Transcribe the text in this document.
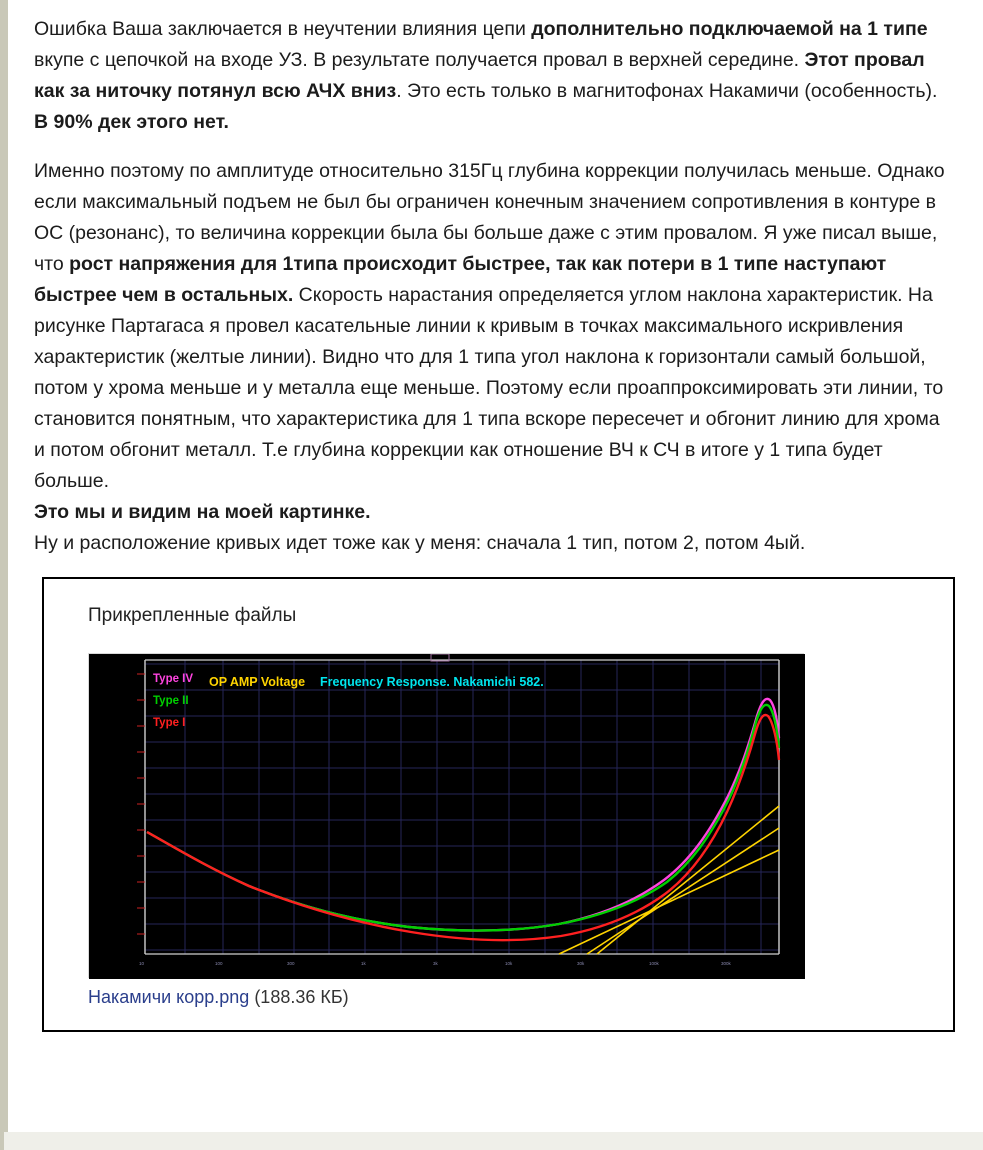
Ошибка Ваша заключается в неучтении влияния цепи дополнительно подключаемой на 1 типе вкупе с цепочкой на входе УЗ. В результате получается провал в верхней середине. Этот провал как за ниточку потянул всю АЧХ вниз. Это есть только в магнитофонах Накамичи (особенность). В 90% дек этого нет.

Именно поэтому по амплитуде относительно 315Гц глубина коррекции получилась меньше. Однако если максимальный подъем не был бы ограничен конечным значением сопротивления в контуре в ОС (резонанс), то величина коррекции была бы больше даже с этим провалом. Я уже писал выше, что рост напряжения для 1типа происходит быстрее, так как потери в 1 типе наступают быстрее чем в остальных. Скорость нарастания определяется углом наклона характеристик. На рисунке Партагаса я провел касательные линии к кривым в точках максимального искривления характеристик (желтые линии). Видно что для 1 типа угол наклона к горизонтали самый большой, потом у хрома меньше и у металла еще меньше. Поэтому если проаппроксимировать эти линии, то становится понятным, что характеристика для 1 типа вскоре пересечет и обгонит линию для хрома и потом обгонит металл. Т.е глубина коррекции как отношение ВЧ к СЧ в итоге у 1 типа будет больше.

Это мы и видим на моей картинке.

Ну и расположение кривых идет тоже как у меня: сначала 1 тип, потом 2, потом 4ый.

Прикрепленные файлы
OP AMP Voltage Frequency Response. Nakamichi 582.
Type IV
Type II
Type I
10	100	300	1k	3k	10k	30k	100k	300k
Накамичи корр.png (188.36 КБ)
